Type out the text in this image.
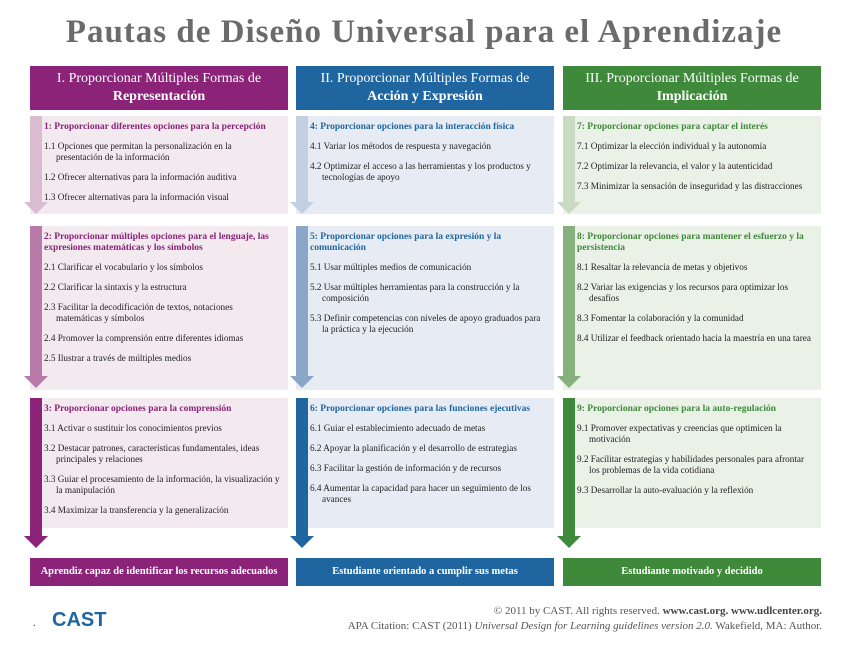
Pautas de Diseño Universal para el Aprendizaje
I. Proporcionar Múltiples Formas de
Representación
1: Proporcionar diferentes opciones para la percepción
1.1 Opciones que permitan la personalización en la presentación de la información
1.2 Ofrecer alternativas para la información auditiva
1.3 Ofrecer alternativas para la información visual
2: Proporcionar múltiples opciones para el lenguaje, las expresiones matemáticas y los símbolos
2.1 Clarificar el vocabulario y los símbolos
2.2 Clarificar la sintaxis y la estructura
2.3 Facilitar la decodificación de textos, notaciones matemáticas y símbolos
2.4 Promover la comprensión entre diferentes idiomas
2.5 Ilustrar a través de múltiples medios
3: Proporcionar opciones para la comprensión
3.1 Activar o sustituir los conocimientos previos
3.2 Destacar patrones, características fundamentales, ideas principales y relaciones
3.3 Guiar el procesamiento de la información, la visualización y la manipulación
3.4 Maximizar la transferencia y la generalización
II. Proporcionar Múltiples Formas de
Acción y Expresión
4: Proporcionar opciones para la interacción física
4.1 Variar los métodos de respuesta y navegación
4.2 Optimizar el acceso a las herramientas y los productos y tecnologías de apoyo
5: Proporcionar opciones para la expresión y la comunicación
5.1 Usar múltiples medios de comunicación
5.2 Usar múltiples herramientas para la construcción y la composición
5.3 Definir competencias con niveles de apoyo graduados para la práctica y la ejecución
6: Proporcionar opciones para las funciones ejecutivas
6.1 Guiar el establecimiento adecuado de metas
6.2 Apoyar la planificación y el desarrollo de estrategias
6.3 Facilitar la gestión de información y de recursos
6.4 Aumentar la capacidad para hacer un seguimiento de los avances
III. Proporcionar Múltiples Formas de
Implicación
7: Proporcionar opciones para captar el interés
7.1 Optimizar la elección individual y la autonomía
7.2 Optimizar la relevancia, el valor y la autenticidad
7.3 Minimizar la sensación de inseguridad y las distracciones
8: Proporcionar opciones para mantener el esfuerzo y la persistencia
8.1 Resaltar la relevancia de metas y objetivos
8.2 Variar las exigencias y los recursos para optimizar los desafíos
8.3 Fomentar la colaboración y la comunidad
8.4 Utilizar el feedback orientado hacia la maestría en una tarea
9: Proporcionar opciones para la auto-regulación
9.1 Promover expectativas y creencias que optimicen la motivación
9.2 Facilitar estrategias y habilidades personales para afrontar los problemas de la vida cotidiana
9.3 Desarrollar la auto-evaluación y la reflexión
Aprendiz capaz de identificar los recursos adecuados	Estudiante orientado a cumplir sus metas	Estudiante motivado y decidido
. CAST	© 2011 by CAST. All rights reserved. www.cast.org. www.udlcenter.org.
APA Citation: CAST (2011) Universal Design for Learning guidelines version 2.0. Wakefield, MA: Author.
